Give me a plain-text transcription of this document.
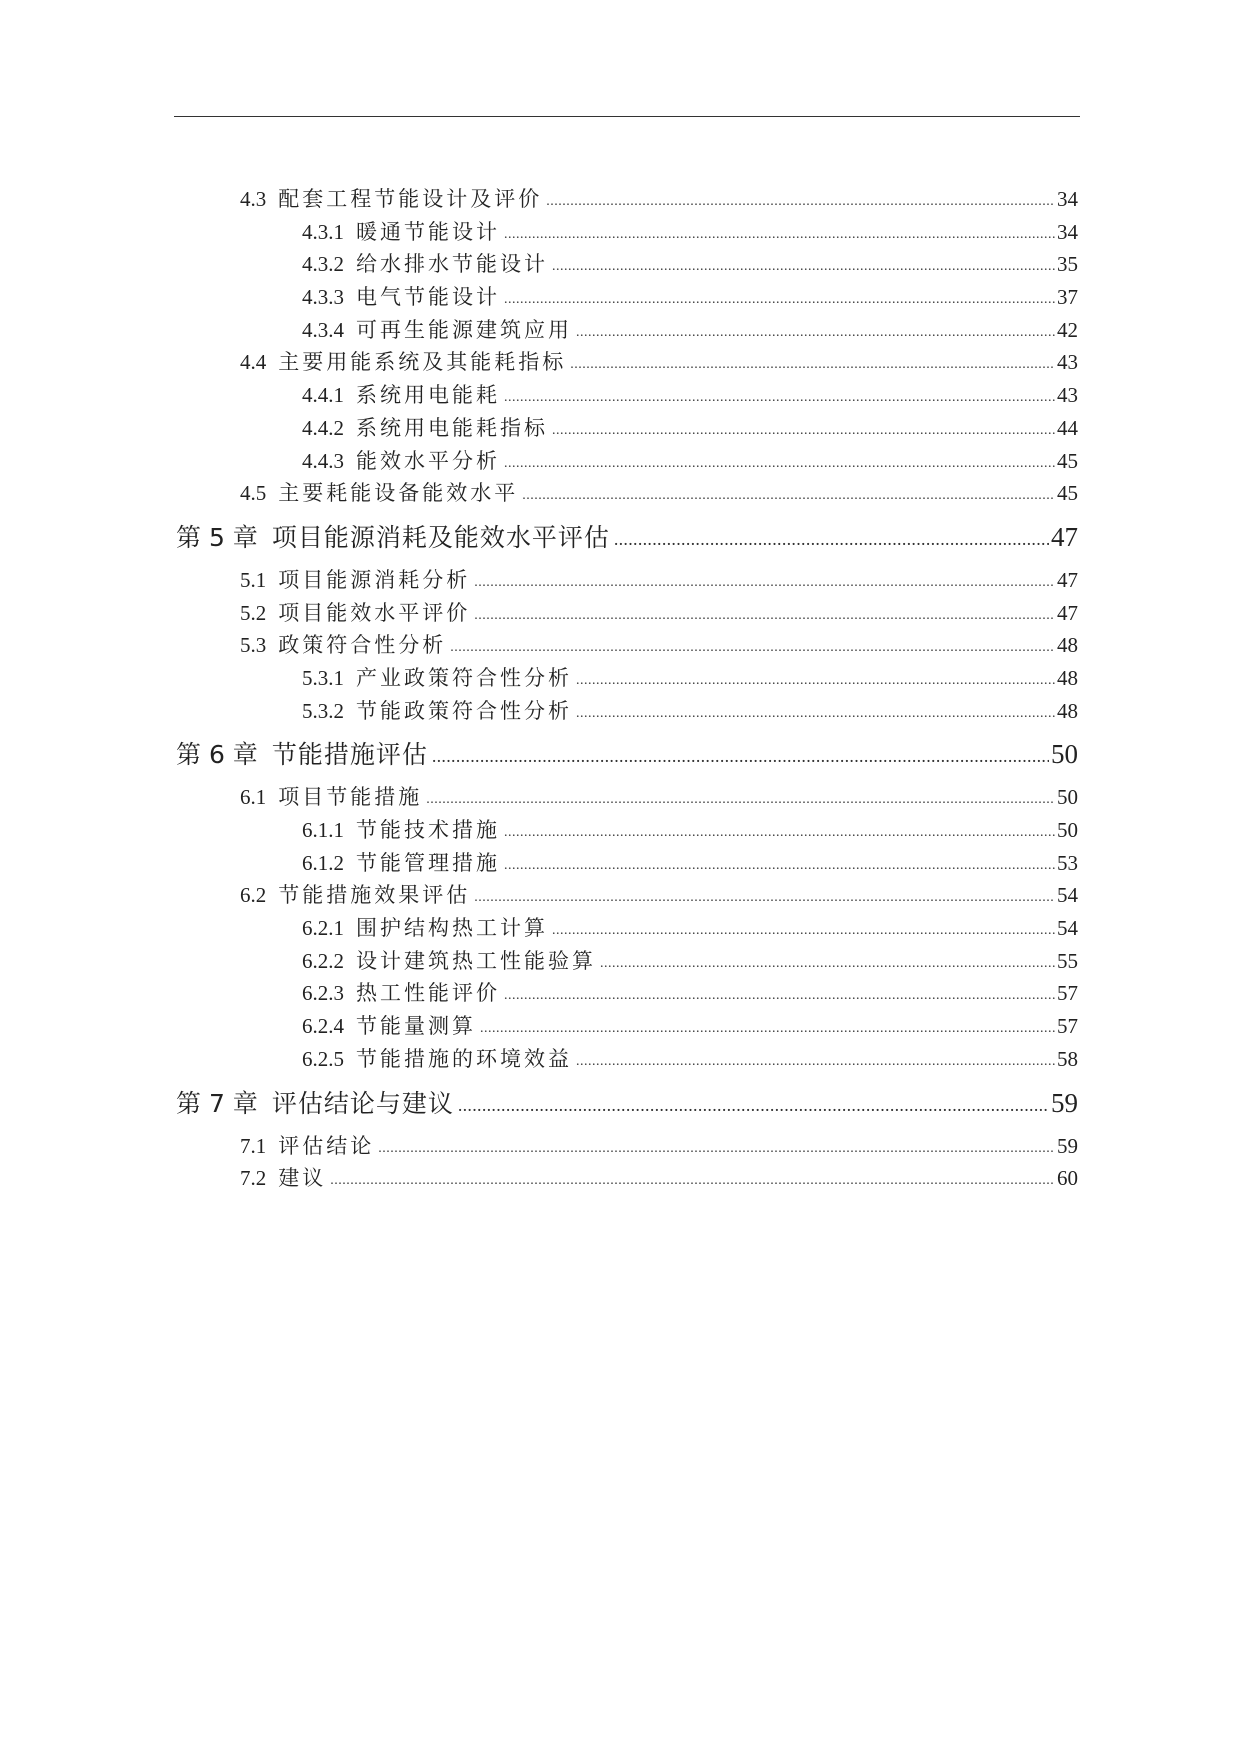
4.3 配套工程节能设计及评价 .....	34
4.3.1 暖通节能设计 .....	34
4.3.2 给水排水节能设计 .....	35
4.3.3 电气节能设计 .....	37
4.3.4 可再生能源建筑应用 .....	42
4.4 主要用能系统及其能耗指标 .....	43
4.4.1 系统用电能耗 .....	43
4.4.2 系统用电能耗指标 .....	44
4.4.3 能效水平分析 .....	45
4.5 主要耗能设备能效水平 .....	45
第 5 章 项目能源消耗及能效水平评估 .....	47
5.1 项目能源消耗分析 .....	47
5.2 项目能效水平评价 .....	47
5.3 政策符合性分析 .....	48
5.3.1 产业政策符合性分析 .....	48
5.3.2 节能政策符合性分析 .....	48
第 6 章 节能措施评估 .....	50
6.1 项目节能措施 .....	50
6.1.1 节能技术措施 .....	50
6.1.2 节能管理措施 .....	53
6.2 节能措施效果评估 .....	54
6.2.1 围护结构热工计算 .....	54
6.2.2 设计建筑热工性能验算 .....	55
6.2.3 热工性能评价 .....	57
6.2.4 节能量测算 .....	57
6.2.5 节能措施的环境效益 .....	58
第 7 章 评估结论与建议 .....	59
7.1 评估结论 .....	59
7.2 建议 .....	60
